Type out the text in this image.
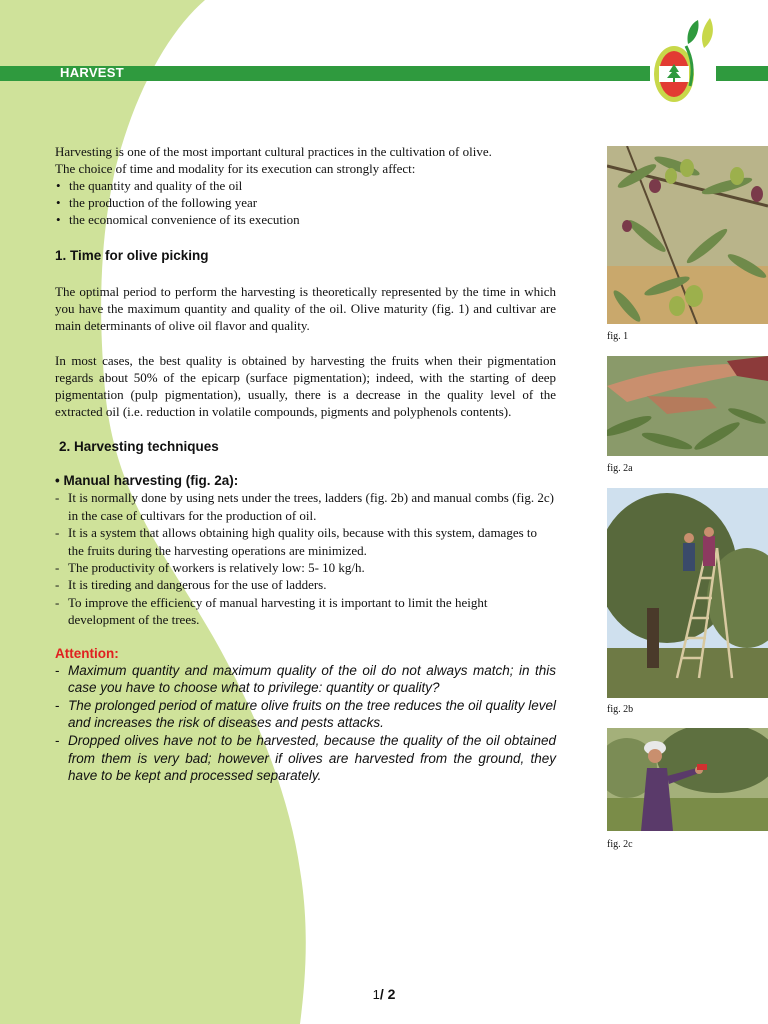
HARVEST
Harvesting is one of the most important cultural practices in the cultivation of olive.
The choice of time and modality for its execution can strongly affect:
• the quantity and quality of the oil
• the production of the following year
• the economical convenience of its execution
1. Time for olive picking
The optimal period to perform the harvesting is theoretically represented by the time in which you have the maximum quantity and quality of the oil. Olive maturity (fig. 1) and cultivar are main determinants of olive oil flavor and quality.
In most cases, the best quality is obtained by harvesting the fruits when their pigmentation regards about 50% of the epicarp (surface pigmentation); indeed, with the starting of deep pigmentation (pulp pigmentation), usually, there is a decrease in the quality level of the extracted oil (i.e. reduction in volatile compounds, pigments and polyphenols contents).
2. Harvesting techniques
• Manual harvesting (fig. 2a):
- It is normally done by using nets under the trees, ladders (fig. 2b) and manual combs (fig. 2c) in the case of cultivars for the production of oil.
- It is a system that allows obtaining high quality oils, because with this system, damages to the fruits during the harvesting operations are minimized.
- The productivity of workers is relatively low: 5- 10 kg/h.
- It is tireding and dangerous for the use of ladders.
- To improve the efficiency of manual harvesting it is important to limit the height development of the trees.
Attention:
- Maximum quantity and maximum quality of the oil do not always match; in this case you have to choose what to privilege: quantity or quality?
- The prolonged period of mature olive fruits on the tree reduces the oil quality level and increases the risk of diseases and pests attacks.
- Dropped olives have not to be harvested, because the quality of the oil obtained from them is very bad; however if olives are harvested from the ground, they have to be kept and processed separately.
fig. 1
fig. 2a
fig. 2b
fig. 2c
1/ 2
